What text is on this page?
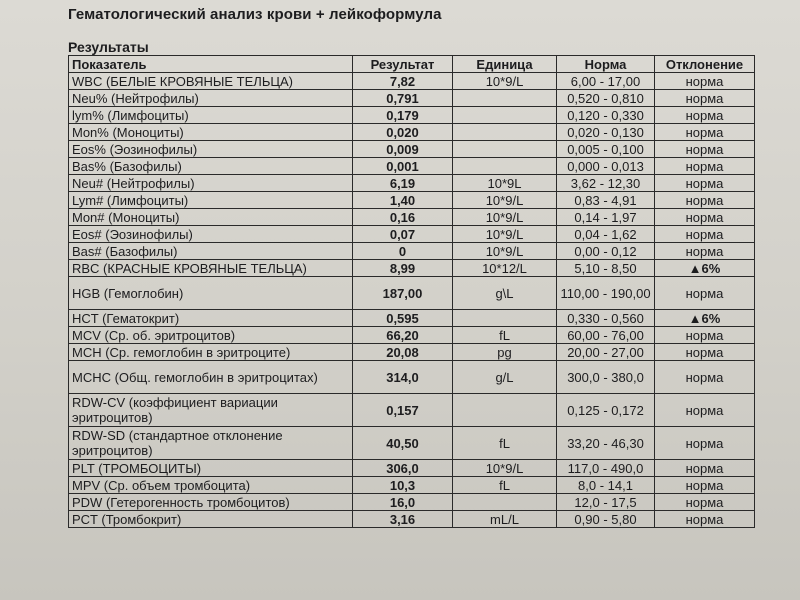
Гематологический анализ крови + лейкоформула
Результаты
Показатель	Результат	Единица	Норма	Отклонение
WBC (БЕЛЫЕ КРОВЯНЫЕ ТЕЛЬЦА)	7,82	10*9/L	6,00 - 17,00	норма
Neu% (Нейтрофилы)	0,791		0,520 - 0,810	норма
lym% (Лимфоциты)	0,179		0,120 - 0,330	норма
Mon% (Моноциты)	0,020		0,020 - 0,130	норма
Eos% (Эозинофилы)	0,009		0,005 - 0,100	норма
Bas% (Базофилы)	0,001		0,000 - 0,013	норма
Neu# (Нейтрофилы)	6,19	10*9L	3,62 - 12,30	норма
Lym# (Лимфоциты)	1,40	10*9/L	0,83 - 4,91	норма
Mon# (Моноциты)	0,16	10*9/L	0,14 - 1,97	норма
Eos# (Эозинофилы)	0,07	10*9/L	0,04 - 1,62	норма
Bas# (Базофилы)	0	10*9/L	0,00 - 0,12	норма
RBC (КРАСНЫЕ КРОВЯНЫЕ ТЕЛЬЦА)	8,99	10*12/L	5,10 - 8,50	▲6%
HGB (Гемоглобин)	187,00	g\L	110,00 - 190,00	норма
HCT (Гематокрит)	0,595		0,330 - 0,560	▲6%
MCV (Ср. об. эритроцитов)	66,20	fL	60,00 - 76,00	норма
MCH (Ср. гемоглобин в эритроците)	20,08	pg	20,00 - 27,00	норма
MCHC (Общ. гемоглобин в эритроцитах)	314,0	g/L	300,0 - 380,0	норма
RDW-CV (коэффициент вариации эритроцитов)	0,157		0,125 - 0,172	норма
RDW-SD (стандартное отклонение эритроцитов)	40,50	fL	33,20 - 46,30	норма
PLT (ТРОМБОЦИТЫ)	306,0	10*9/L	117,0 - 490,0	норма
MPV (Ср. объем тромбоцита)	10,3	fL	8,0 - 14,1	норма
PDW (Гетерогенность тромбоцитов)	16,0		12,0 - 17,5	норма
PCT (Тромбокрит)	3,16	mL/L	0,90 - 5,80	норма
